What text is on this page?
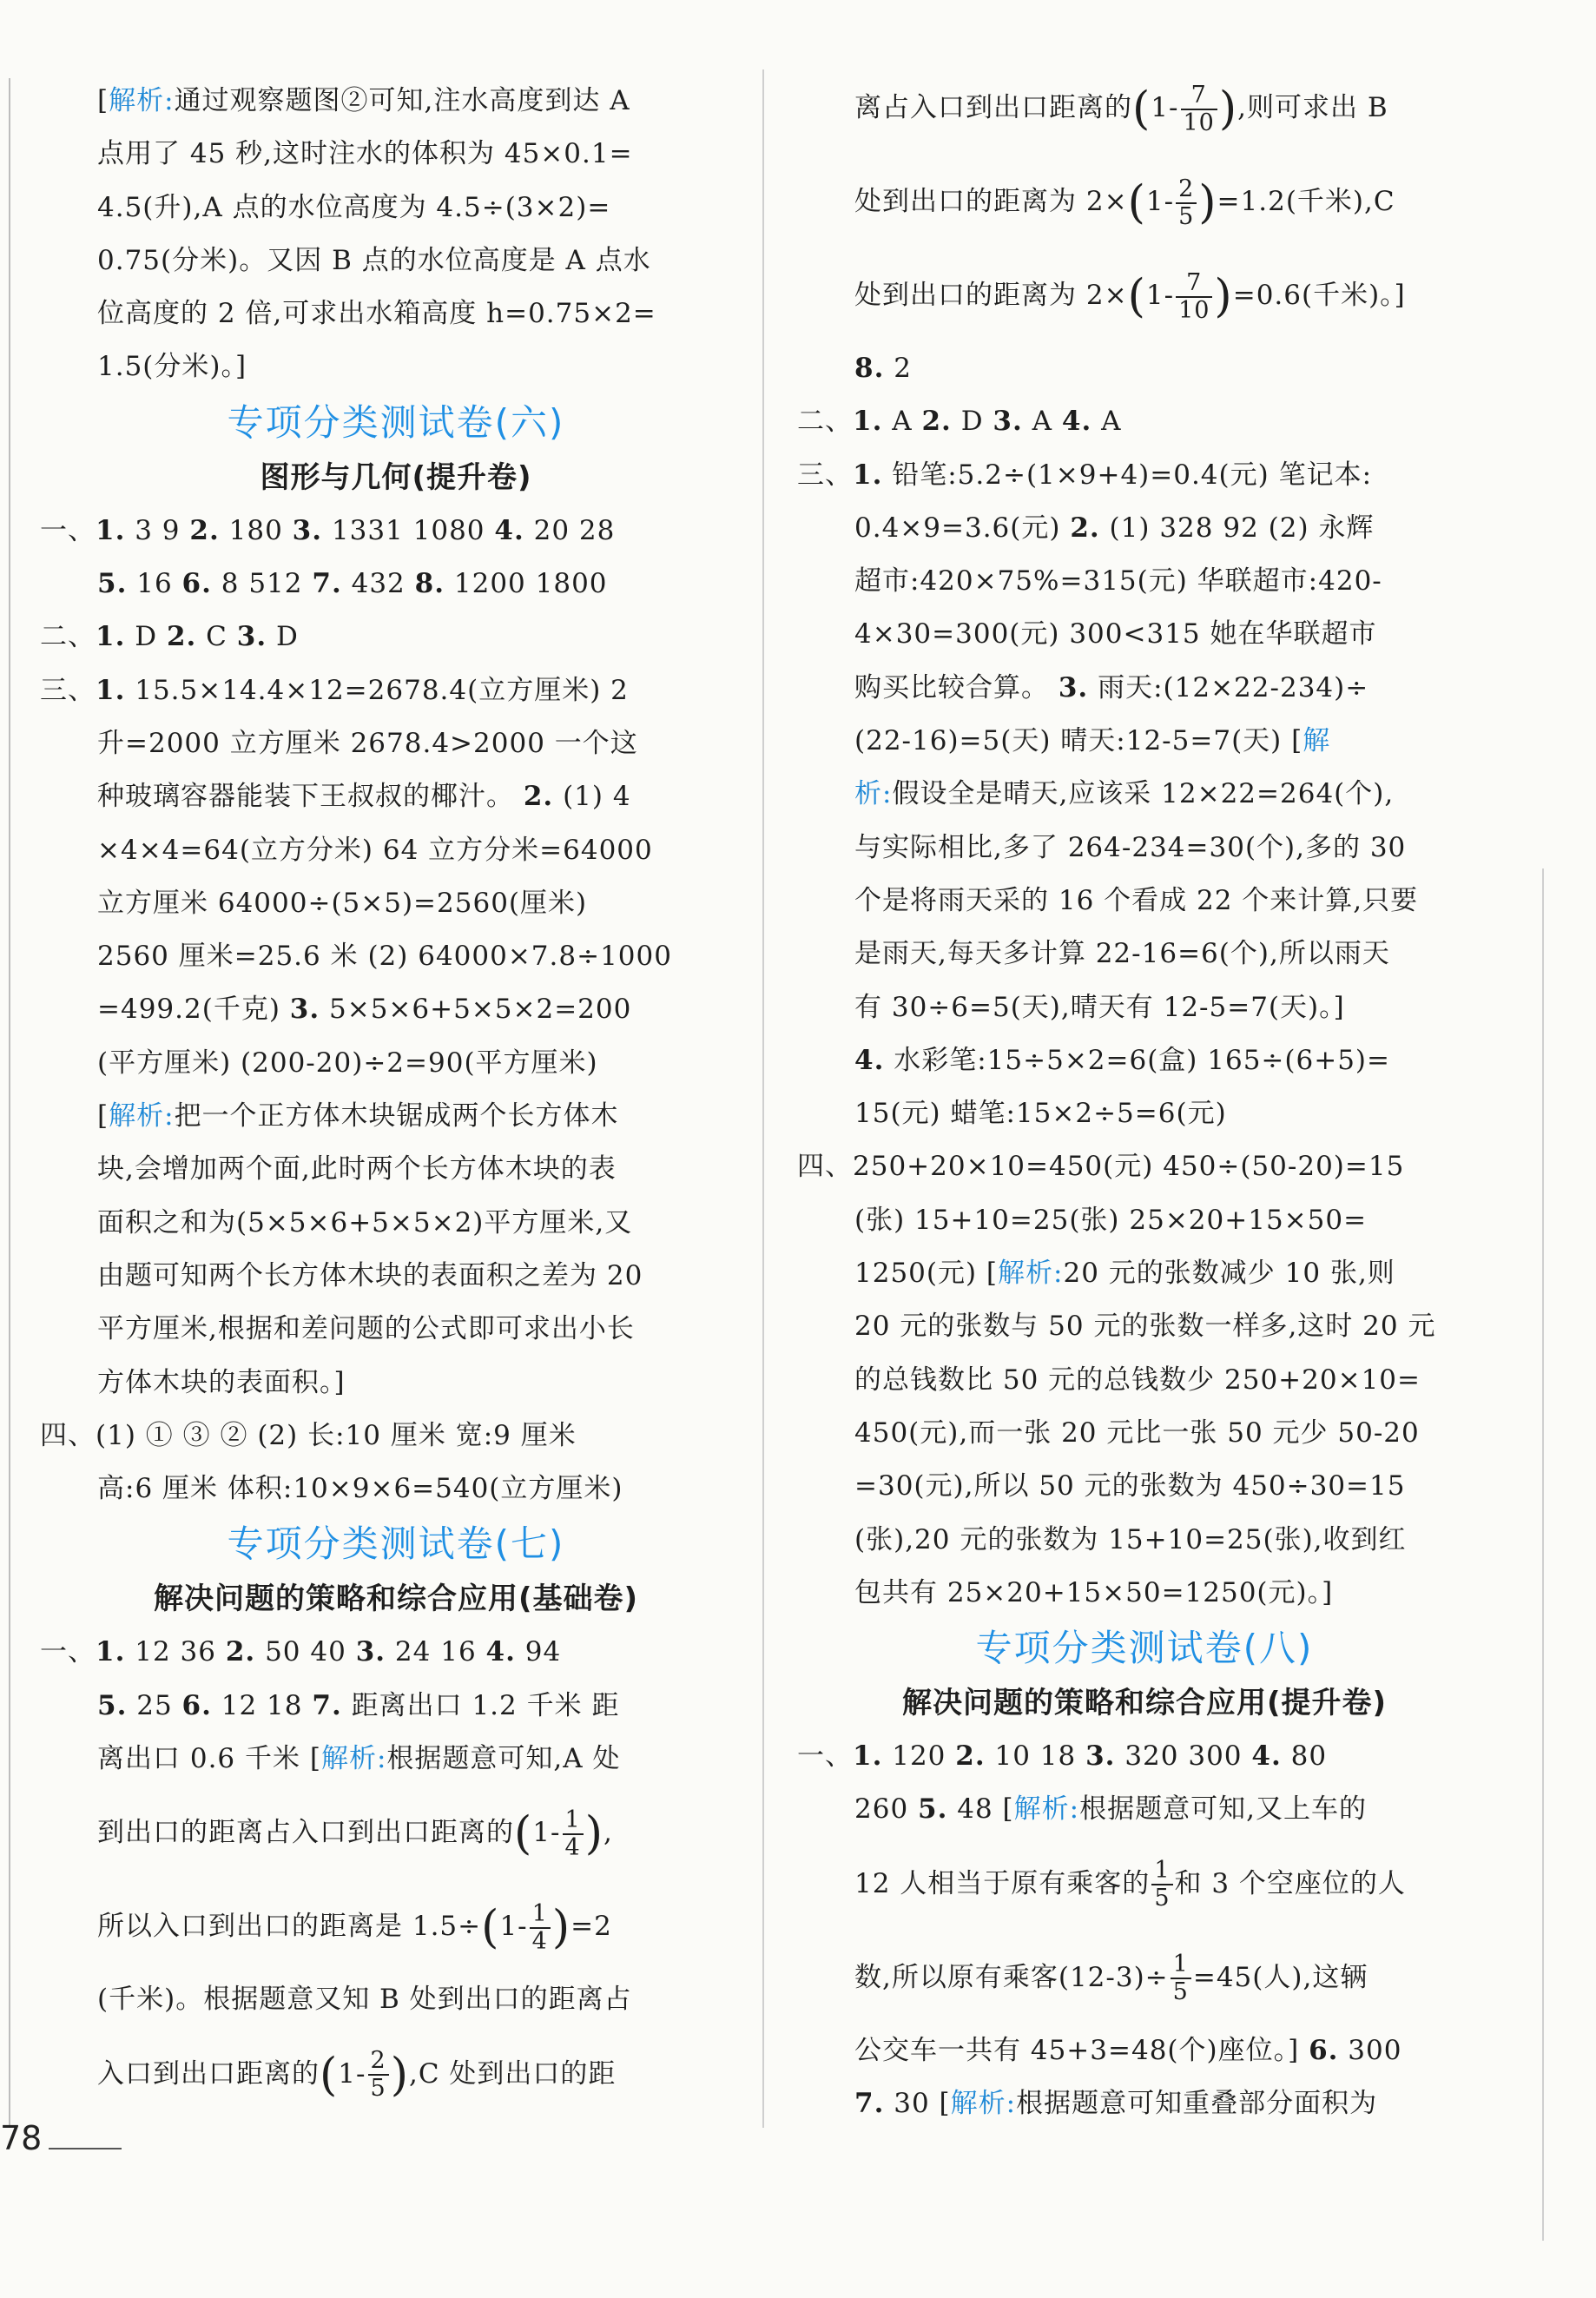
[解析:通过观察题图②可知,注水高度到达 A
点用了 45 秒,这时注水的体积为 45×0.1=
4.5(升),A 点的水位高度为 4.5÷(3×2)=
0.75(分米)。又因 B 点的水位高度是 A 点水
位高度的 2 倍,可求出水箱高度 h=0.75×2=
1.5(分米)。]
专项分类测试卷(六)
图形与几何(提升卷)
一、1. 3 9 2. 180 3. 1331 1080 4. 20 28
5. 16 6. 8 512 7. 432 8. 1200 1800
二、1. D 2. C 3. D
三、1. 15.5×14.4×12=2678.4(立方厘米) 2
升=2000 立方厘米 2678.4>2000 一个这
种玻璃容器能装下王叔叔的椰汁。 2. (1) 4
×4×4=64(立方分米) 64 立方分米=64000
立方厘米 64000÷(5×5)=2560(厘米)
2560 厘米=25.6 米 (2) 64000×7.8÷1000
=499.2(千克) 3. 5×5×6+5×5×2=200
(平方厘米) (200-20)÷2=90(平方厘米)
[解析:把一个正方体木块锯成两个长方体木
块,会增加两个面,此时两个长方体木块的表
面积之和为(5×5×6+5×5×2)平方厘米,又
由题可知两个长方体木块的表面积之差为 20
平方厘米,根据和差问题的公式即可求出小长
方体木块的表面积。]
四、(1) ① ③ ② (2) 长:10 厘米 宽:9 厘米
高:6 厘米 体积:10×9×6=540(立方厘米)
专项分类测试卷(七)
解决问题的策略和综合应用(基础卷)
一、1. 12 36 2. 50 40 3. 24 16 4. 94
5. 25 6. 12 18 7. 距离出口 1.2 千米 距
离出口 0.6 千米 [解析:根据题意可知,A 处
到出口的距离占入口到出口距离的($1- \frac{1}{4}$ ),
所以入口到出口的距离是 $1.5\div(1- \frac{1}{4} )=2$
(千米)。根据题意又知 B 处到出口的距离占
入口到出口距离的$(1- \frac{2}{5} ),C$ 处到出口的距
离占入口到出口距离的($1- \frac{7}{10}$ ),则可求出 B
处到出口的距离为 $2\times(1- \frac{2}{5} )=1.2$(千米),C
处到出口的距离为 $2\times(1- \frac{7}{10} )=0.6$(千米)。]
8. 2
二、1. A 2. D 3. A 4. A
三、1. 铅笔:5.2÷(1×9+4)=0.4(元) 笔记本:
0.4×9=3.6(元) 2. (1) 328 92 (2) 永辉
超市:420×75%=315(元) 华联超市:420-
4×30=300(元) 300<315 她在华联超市
购买比较合算。 3. 雨天:(12×22-234)÷
(22-16)=5(天) 晴天:12-5=7(天) [解
析:假设全是晴天,应该采 12×22=264(个),
与实际相比,多了 264-234=30(个),多的 30
个是将雨天采的 16 个看成 22 个来计算,只要
是雨天,每天多计算 22-16=6(个),所以雨天
有 30÷6=5(天),晴天有 12-5=7(天)。]
4. 水彩笔:15÷5×2=6(盒) 165÷(6+5)=
15(元) 蜡笔:15×2÷5=6(元)
四、250+20×10=450(元) 450÷(50-20)=15
(张) 15+10=25(张) 25×20+15×50=
1250(元) [解析:20 元的张数减少 10 张,则
20 元的张数与 50 元的张数一样多,这时 20 元
的总钱数比 50 元的总钱数少 250+20×10=
450(元),而一张 20 元比一张 50 元少 50-20
=30(元),所以 50 元的张数为 450÷30=15
(张),20 元的张数为 15+10=25(张),收到红
包共有 25×20+15×50=1250(元)。]
专项分类测试卷(八)
解决问题的策略和综合应用(提升卷)
一、1. 120 2. 10 18 3. 320 300 4. 80
260 5. 48 [解析:根据题意可知,又上车的
12 人相当于原有乘客的 $\frac{1}{5}$ 和 3 个空座位的人
数,所以原有乘客$(12-3)\div \frac{1}{5} =45$(人),这辆
公交车一共有 45+3=48(个)座位。] 6. 300
7. 30 [解析:根据题意可知重叠部分面积为
78
